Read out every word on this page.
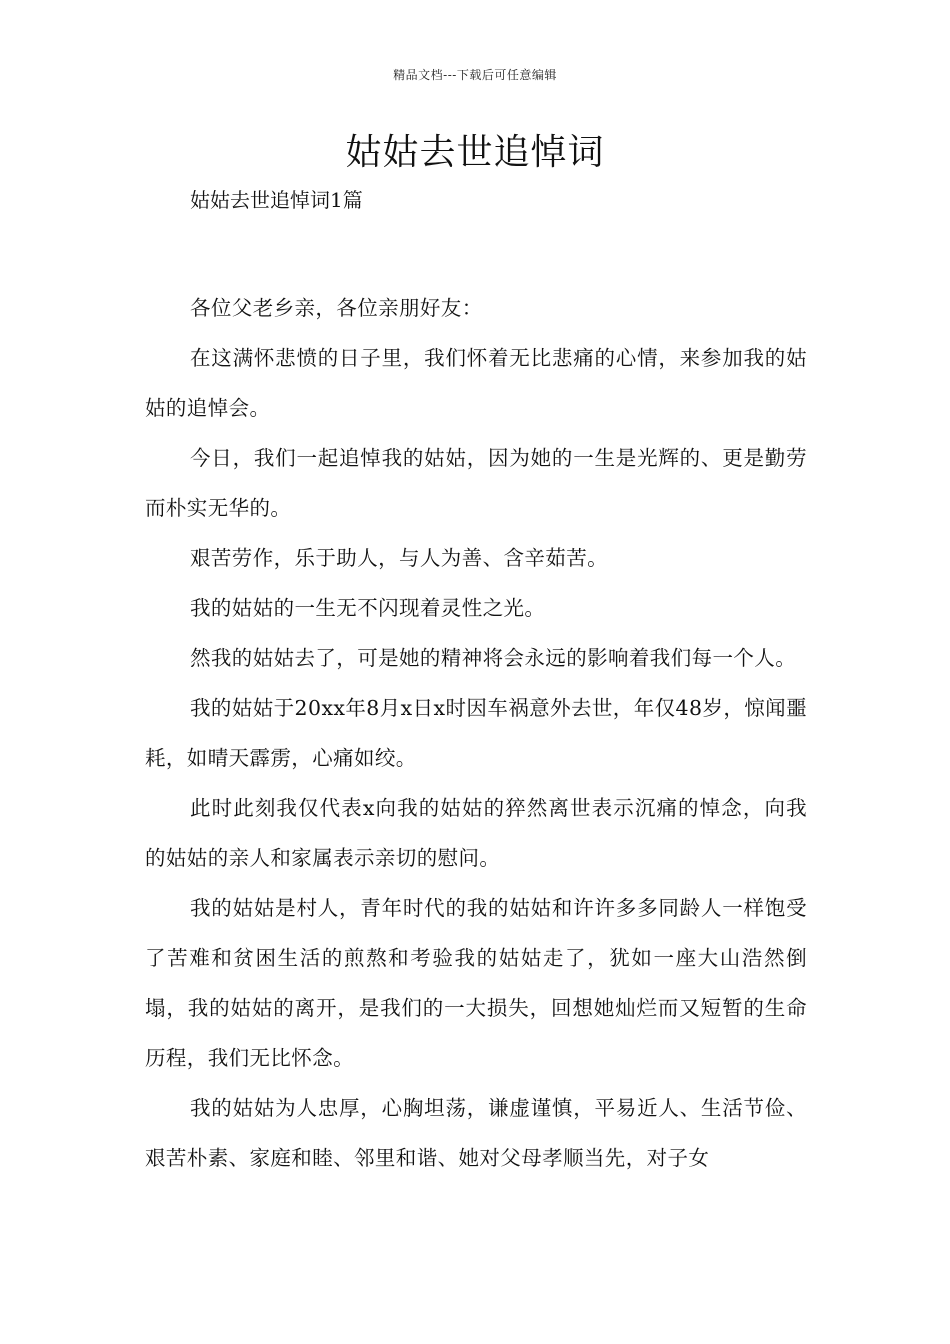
精品文档---下载后可任意编辑
姑姑去世追悼词

姑姑去世追悼词1篇

各位父老乡亲，各位亲朋好友：

在这满怀悲愤的日子里，我们怀着无比悲痛的心情，来参加我的姑姑的追悼会。

今日，我们一起追悼我的姑姑，因为她的一生是光辉的、更是勤劳而朴实无华的。

艰苦劳作，乐于助人，与人为善、含辛茹苦。

我的姑姑的一生无不闪现着灵性之光。

然我的姑姑去了，可是她的精神将会永远的影响着我们每一个人。

我的姑姑于20xx年8月x日x时因车祸意外去世，年仅48岁，惊闻噩耗，如晴天霹雳，心痛如绞。

此时此刻我仅代表x向我的姑姑的猝然离世表示沉痛的悼念，向我的姑姑的亲人和家属表示亲切的慰问。

我的姑姑是村人，青年时代的我的姑姑和许许多多同龄人一样饱受了苦难和贫困生活的煎熬和考验我的姑姑走了，犹如一座大山浩然倒塌，我的姑姑的离开，是我们的一大损失，回想她灿烂而又短暂的生命历程，我们无比怀念。

我的姑姑为人忠厚，心胸坦荡，谦虚谨慎，平易近人、生活节俭、艰苦朴素、家庭和睦、邻里和谐、她对父母孝顺当先，对子女
